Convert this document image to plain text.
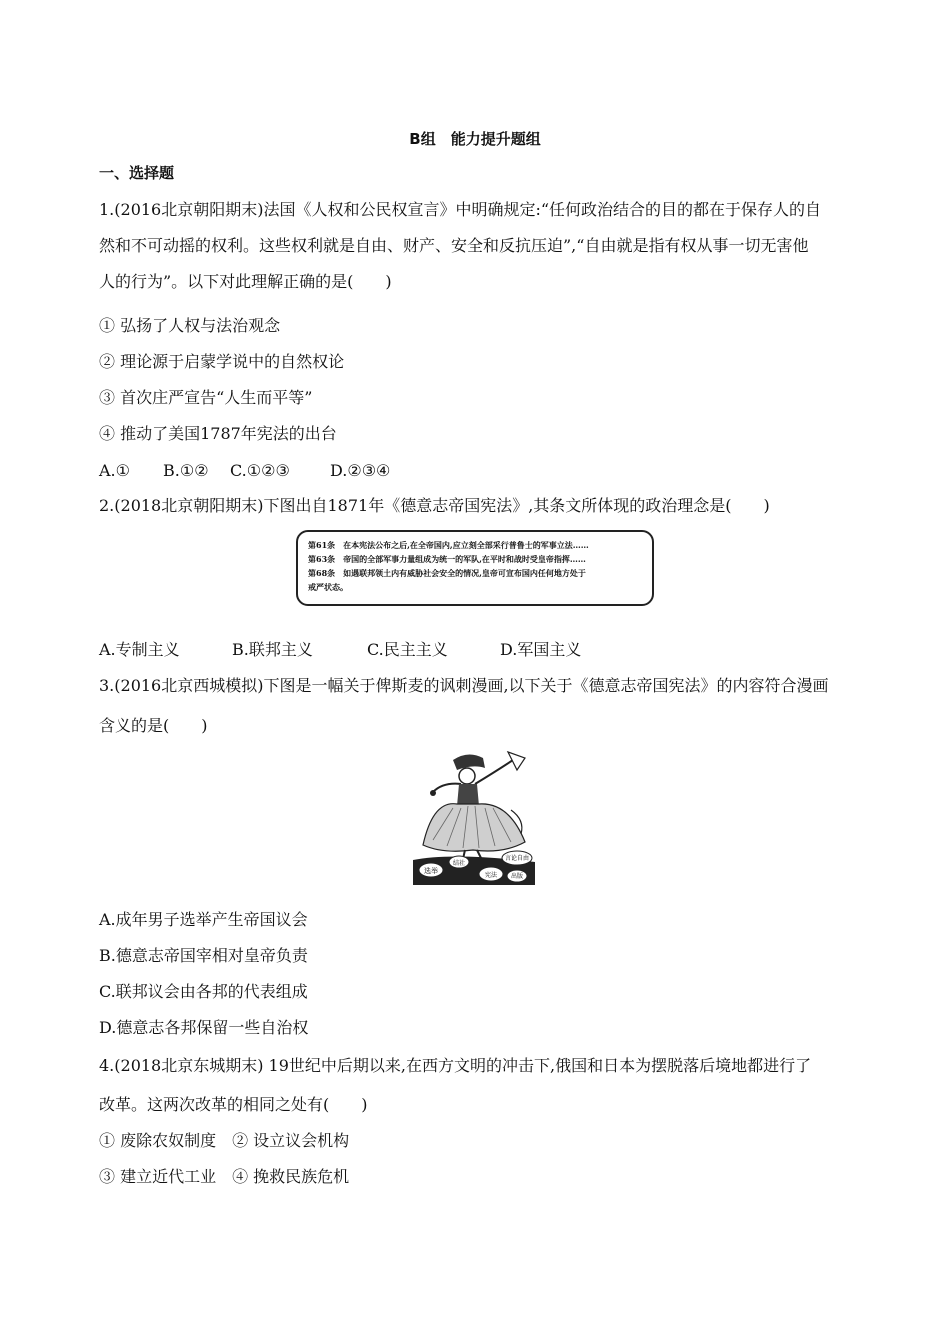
B组　能力提升题组
一、选择题
1.(2016北京朝阳期末)法国《人权和公民权宣言》中明确规定:“任何政治结合的目的都在于保存人的自
然和不可动摇的权利。这些权利就是自由、财产、安全和反抗压迫”,“自由就是指有权从事一切无害他
人的行为”。以下对此理解正确的是(　　)
① 弘扬了人权与法治观念
② 理论源于启蒙学说中的自然权论
③ 首次庄严宣告“人生而平等”
④ 推动了美国1787年宪法的出台
A.① B.①② C.①②③	D.②③④
2.(2018北京朝阳期末)下图出自1871年《德意志帝国宪法》,其条文所体现的政治理念是(　　)
第61条　在本宪法公布之后,在全帝国内,应立刻全部采行普鲁士的军事立法……
第63条　帝国的全部军事力量组成为统一的军队,在平时和战时受皇帝指挥……
第68条　如遇联邦领土内有威胁社会安全的情况,皇帝可宣布国内任何地方处于
戒严状态。
A.专制主义	B.联邦主义	C.民主主义	D.军国主义
3.(2016北京西城模拟)下图是一幅关于俾斯麦的讽刺漫画,以下关于《德意志帝国宪法》的内容符合漫画
含义的是(　　)
选举
结社
言论自由
宪法 出版
A.成年男子选举产生帝国议会
B.德意志帝国宰相对皇帝负责
C.联邦议会由各邦的代表组成
D.德意志各邦保留一些自治权
4.(2018北京东城期末) 19世纪中后期以来,在西方文明的冲击下,俄国和日本为摆脱落后境地都进行了
改革。这两次改革的相同之处有(　　)
① 废除农奴制度　② 设立议会机构
③ 建立近代工业　④ 挽救民族危机
